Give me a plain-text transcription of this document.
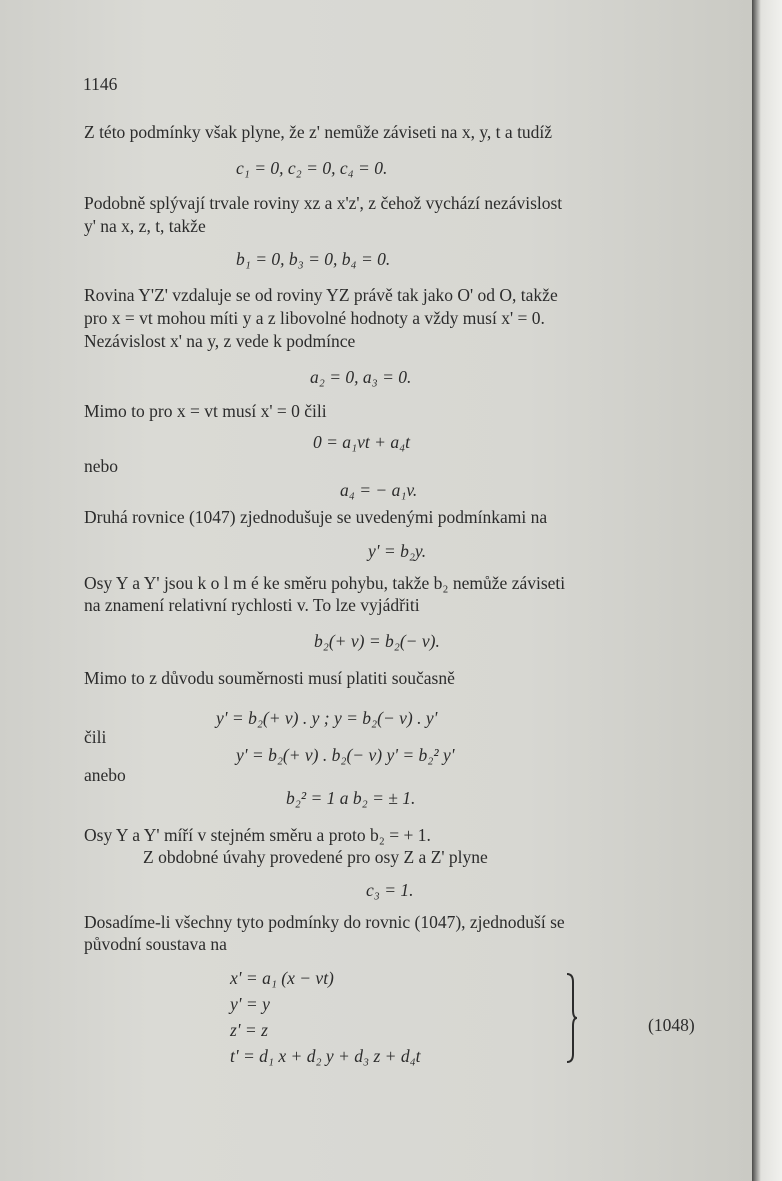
1146
Z této podmínky však plyne, že z' nemůže záviseti na x, y, t a tudíž
c₁ = 0, c₂ = 0, c₄ = 0.
Podobně splývají trvale roviny xz a x'z', z čehož vychází nezávislost
y' na x, z, t, takže
b₁ = 0, b₃ = 0, b₄ = 0.
Rovina Y'Z' vzdaluje se od roviny YZ právě tak jako O' od O, takže
pro x = vt mohou míti y a z libovolné hodnoty a vždy musí x' = 0.
Nezávislost x' na y, z vede k podmínce
a₂ = 0, a₃ = 0.
Mimo to pro x = vt musí x' = 0 čili
0 = a₁vt + a₄t
nebo
a₄ = − a₁v.
Druhá rovnice (1047) zjednodušuje se uvedenými podmínkami na
y' = b₂y.
Osy Y a Y' jsou k o l m é ke směru pohybu, takže b₂ nemůže záviseti
na znamení relativní rychlosti v. To lze vyjádřiti
b₂(+ v) = b₂(− v).
Mimo to z důvodu souměrnosti musí platiti současně
y' = b₂(+ v) . y ; y = b₂(− v) . y'
čili
y' = b₂(+ v) . b₂(− v) y' = b₂² y'
anebo
b₂² = 1 a b₂ = ± 1.
Osy Y a Y' míří v stejném směru a proto b₂ = + 1.
Z obdobné úvahy provedené pro osy Z a Z' plyne
c₃ = 1.
Dosadíme-li všechny tyto podmínky do rovnic (1047), zjednoduší se
původní soustava na
x' = a₁ (x − vt)
y' = y
z' = z
t' = d₁ x + d₂ y + d₃ z + d₄t
(1048)
